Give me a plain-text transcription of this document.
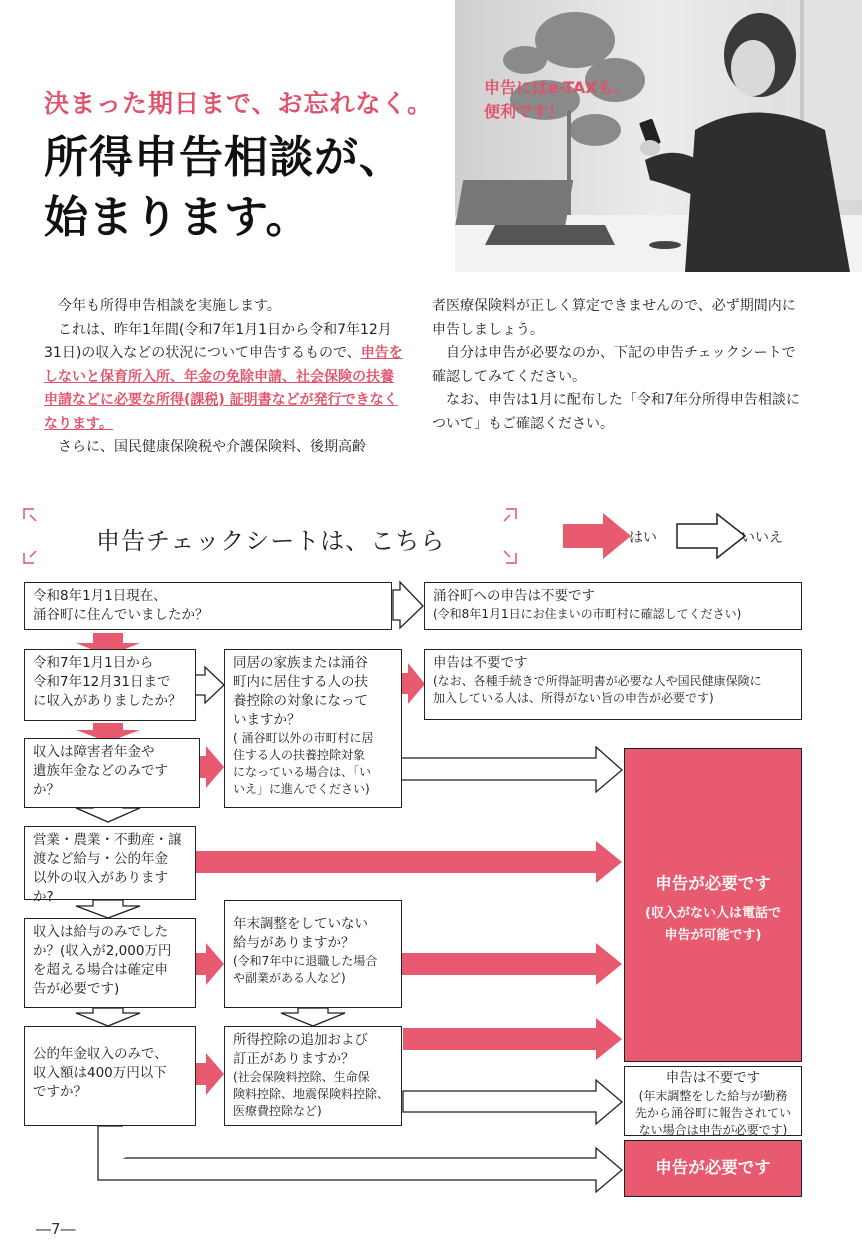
決まった期日まで、お忘れなく。
所得申告相談が、
始まります。
申告にはe-TAXも、
便利です！

今年も所得申告相談を実施します。

これは、昨年1年間(令和7年1月1日から令和7年12月31日)の収入などの状況について申告するもので、申告をしないと保育所入所、年金の免除申請、社会保険の扶養申請などに必要な所得(課税) 証明書などが発行できなくなります。

さらに、国民健康保険税や介護保険料、後期高齢

者医療保険料が正しく算定できませんので、必ず期間内に申告しましょう。

自分は申告が必要なのか、下記の申告チェックシートで確認してみてください。

なお、申告は1月に配布した「令和7年分所得申告相談について」もご確認ください。

申告チェックシートは、こちら	はい	いいえ
令和8年1月1日現在、
涌谷町に住んでいましたか？
涌谷町への申告は不要です
(令和8年1月1日にお住まいの市町村に確認してください)
令和7年1月1日から
令和7年12月31日まで
に収入がありましたか？
同居の家族または涌谷
町内に居住する人の扶
養控除の対象になって
いますか？
( 涌谷町以外の市町村に居
住する人の扶養控除対象
になっている場合は、「い
いえ」に進んでください)
申告は不要です
(なお、各種手続きで所得証明書が必要な人や国民健康保険に
加入している人は、所得がない旨の申告が必要です)
収入は障害者年金や
遺族年金などのみです
か？
営業・農業・不動産・譲
渡など給与・公的年金
以外の収入がありますか?
収入は給与のみでした
か？(収入が2,000万円
を超える場合は確定申
告が必要です)
年末調整をしていない
給与がありますか？
(令和7年中に退職した場合
や副業がある人など)
公的年金収入のみで、
収入額は400万円以下
ですか？
所得控除の追加および
訂正がありますか？
(社会保険料控除、生命保
険料控除、地震保険料控除、
医療費控除など)
申告が必要です
(収入がない人は電話で
申告が可能です)
申告は不要です
(年末調整をした給与が勤務
先から涌谷町に報告されてい
ない場合は申告が必要です)
申告が必要です
―7―
